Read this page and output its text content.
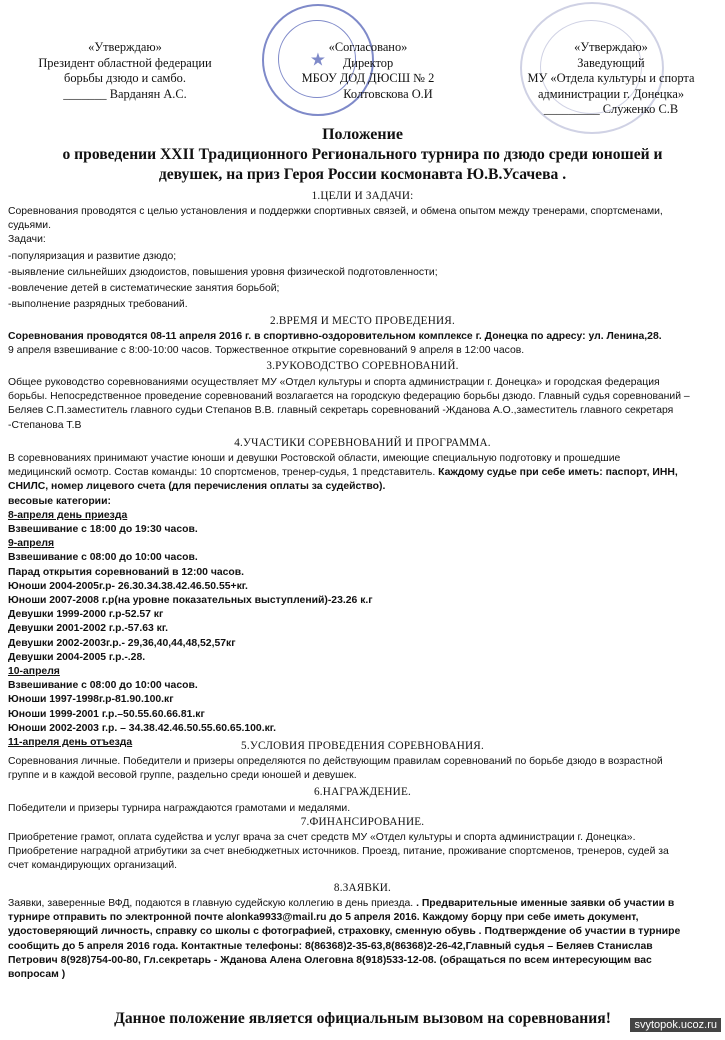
«Утверждаю»
Президент областной федерации
борьбы дзюдо и самбо.
_______ Варданян А.С.
★
«Согласовано»
Директор
МБОУ ДОД ДЮСШ № 2
Колтовскова О.И
«Утверждаю»
Заведующий
МУ «Отдела культуры и спорта
администрации г. Донецка»
_________ Служенко С.В
Положение
о проведении XXII Традиционного Регионального турнира по дзюдо среди юношей и
девушек, на приз Героя России космонавта Ю.В.Усачева .
1.ЦЕЛИ И ЗАДАЧИ:
Соревнования проводятся с целью установления и поддержки спортивных связей, и обмена опытом между тренерами, спортсменами,
судьями.
Задачи:
-популяризация и развитие дзюдо;
-выявление сильнейших дзюдоистов, повышения уровня физической подготовленности;
-вовлечение детей в систематические занятия борьбой;
-выполнение разрядных требований.
2.ВРЕМЯ И МЕСТО ПРОВЕДЕНИЯ.
Соревнования проводятся 08-11 апреля 2016 г. в спортивно-оздоровительном комплексе г. Донецка по адресу: ул. Ленина,28.
9 апреля взвешивание с 8:00-10:00 часов. Торжественное открытие соревнований 9 апреля в 12:00 часов.
3.РУКОВОДСТВО СОРЕВНОВАНИЙ.
Общее руководство соревнованиями осуществляет МУ «Отдел культуры и спорта администрации г. Донецка» и городская федерация
борьбы. Непосредственное проведение соревнований возлагается на городскую федерацию борьбы дзюдо. Главный судья соревнований –
Беляев С.П.заместитель главного судьи Степанов В.В. главный секретарь соревнований -Жданова А.О.,заместитель главного секретаря
-Степанова Т.В
4.УЧАСТИКИ СОРЕВНОВАНИЙ И ПРОГРАММА.
В соревнованиях принимают участие юноши и девушки Ростовской области, имеющие специальную подготовку и прошедшие
медицинский осмотр. Состав команды: 10 спортсменов, тренер-судья, 1 представитель. Каждому судье при себе иметь: паспорт, ИНН,
СНИЛС, номер лицевого счета (для перечисления оплаты за судейство).
весовые категории:
8-апреля день приезда
Взвешивание с 18:00 до 19:30 часов.
9-апреля
Взвешивание с 08:00 до 10:00 часов.
Парад открытия соревнований в 12:00 часов.
Юноши 2004-2005г.р- 26.30.34.38.42.46.50.55+кг.
Юноши 2007-2008 г.р(на уровне показательных выступлений)-23.26 к.г
Девушки 1999-2000 г.р-52.57 кг
Девушки 2001-2002 г.р.-57.63 кг.
Девушки 2002-2003г.р.- 29,36,40,44,48,52,57кг
Девушки 2004-2005 г.р.-.28.
10-апреля
Взвешивание с 08:00 до 10:00 часов.
Юноши 1997-1998г.р-81.90.100.кг
Юноши 1999-2001 г.р.–50.55.60.66.81.кг
Юноши 2002-2003 г.р. – 34.38.42.46.50.55.60.65.100.кг.
11-апреля день отъезда	5.УСЛОВИЯ ПРОВЕДЕНИЯ СОРЕВНОВАНИЯ.
Соревнования личные. Победители и призеры определяются по действующим правилам соревнований по борьбе дзюдо в возрастной
группе и в каждой весовой группе, раздельно среди юношей и девушек.
6.НАГРАЖДЕНИЕ.
Победители и призеры турнира награждаются грамотами и медалями.
7.ФИНАНСИРОВАНИЕ.
Приобретение грамот, оплата судейства и услуг врача за счет средств МУ «Отдел культуры и спорта администрации г. Донецка».
Приобретение наградной атрибутики за счет внебюджетных источников. Проезд, питание, проживание спортсменов, тренеров, судей за
счет командирующих организаций.
8.ЗАЯВКИ.
Заявки, заверенные ВФД, подаются в главную судейскую коллегию в день приезда. . Предварительные именные заявки об участии в
турнире отправить по электронной почте alonka9933@mail.ru до 5 апреля 2016. Каждому борцу при себе иметь документ,
удостоверяющий личность, справку со школы с фотографией, страховку, сменную обувь . Подтверждение об участии в турнире
сообщить до 5 апреля 2016 года. Контактные телефоны: 8(86368)2-35-63,8(86368)2-26-42,Главный судья – Беляев Станислав
Петрович 8(928)754-00-80, Гл.секретарь - Жданова Алена Олеговна 8(918)533-12-08. (обращаться по всем интересующим вас
вопросам )
Данное положение является официальным вызовом на соревнования!	svytopok.ucoz.ru
